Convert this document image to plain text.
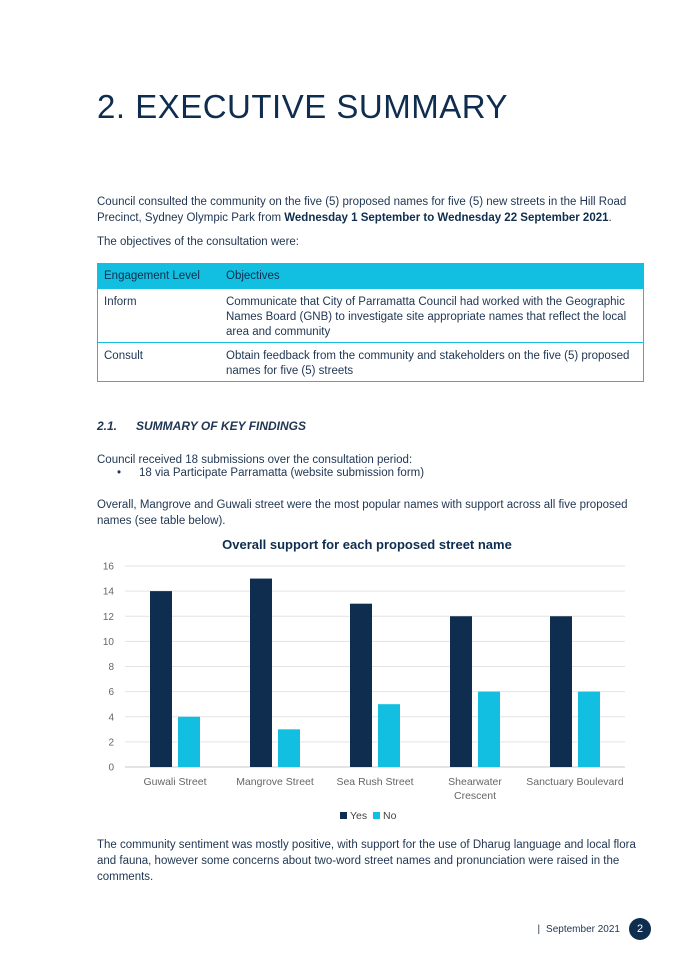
2. EXECUTIVE SUMMARY

Council consulted the community on the five (5) proposed names for five (5) new streets in the Hill Road Precinct, Sydney Olympic Park from Wednesday 1 September to Wednesday 22 September 2021.

The objectives of the consultation were:

Engagement Level	Objectives
Inform	Communicate that City of Parramatta Council had worked with the Geographic Names Board (GNB) to investigate site appropriate names that reflect the local area and community
Consult	Obtain feedback from the community and stakeholders on the five (5) proposed names for five (5) streets
2.1. SUMMARY OF KEY FINDINGS

Council received 18 submissions over the consultation period:

• 18 via Participate Parramatta (website submission form)

Overall, Mangrove and Guwali street were the most popular names with support across all five proposed names (see table below).

Overall support for each proposed street name
0
2
4
6
8
10
12
14
16
Guwali Street	Mangrove Street Sea Rush Street	Shearwater
Crescent
Sanctuary Boulevard
Yes No

The community sentiment was mostly positive, with support for the use of Dharug language and local flora and fauna, however some concerns about two-word street names and pronunciation were raised in the comments.

| September 2021	2
